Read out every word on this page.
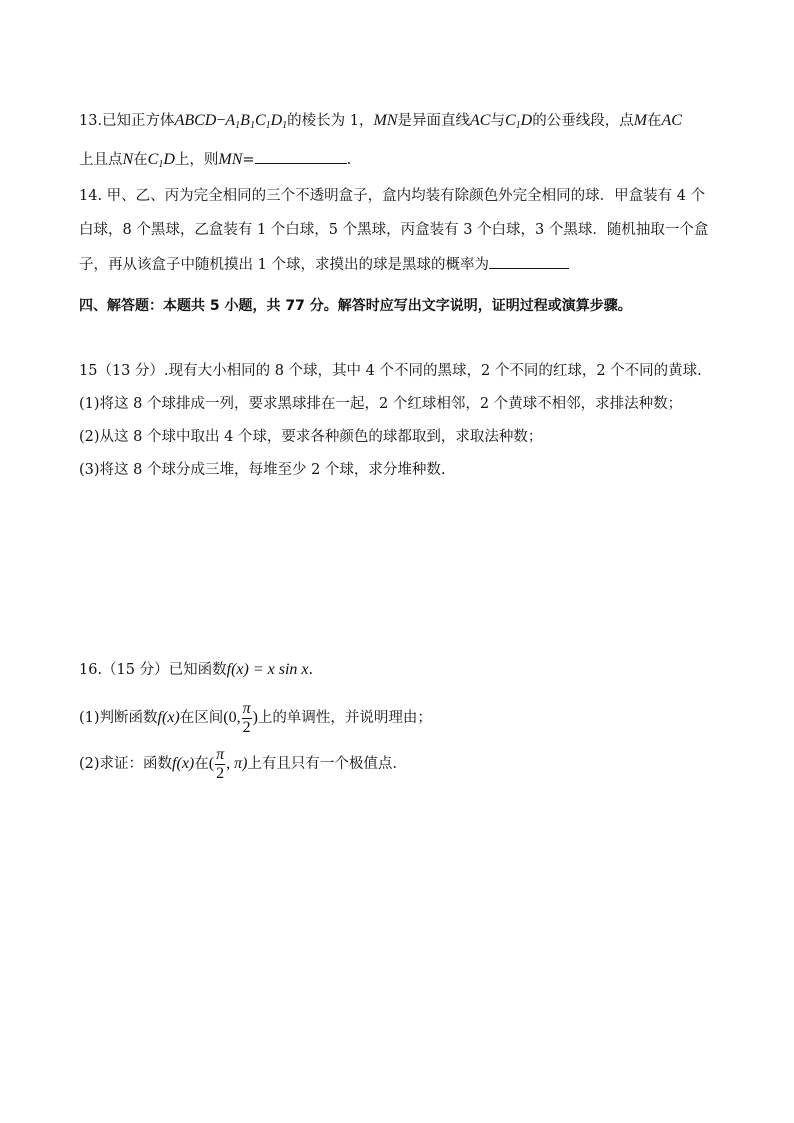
13.已知正方体$ABCD-A_1B_1C_1D_1$的棱长为 1，MN是异面直线AC与$C_1D$的公垂线段，点M在AC
上且点N在$C_1D$上，则MN=	.
14. 甲、乙、丙为完全相同的三个不透明盒子，盒内均装有除颜色外完全相同的球．甲盒装有 4 个
白球，8 个黑球，乙盒装有 1 个白球，5 个黑球，丙盒装有 3 个白球，3 个黑球．随机抽取一个盒
子，再从该盒子中随机摸出 1 个球，求摸出的球是黑球的概率为
四、解答题：本题共 5 小题，共 77 分。解答时应写出文字说明，证明过程或演算步骤。
15（13 分）.现有大小相同的 8 个球，其中 4 个不同的黑球，2 个不同的红球，2 个不同的黄球.
(1)将这 8 个球排成一列，要求黑球排在一起，2 个红球相邻，2 个黄球不相邻，求排法种数；
(2)从这 8 个球中取出 4 个球，要求各种颜色的球都取到，求取法种数；
(3)将这 8 个球分成三堆，每堆至少 2 个球，求分堆种数.
16.（15 分）已知函数f(x) = x sin x.
(1)判断函数f(x)在区间(0, $\frac{\pi}{2}$ )上的单调性，并说明理由；
(2)求证：函数f(x)在( $\frac{\pi}{2}$ , π)上有且只有一个极值点.
